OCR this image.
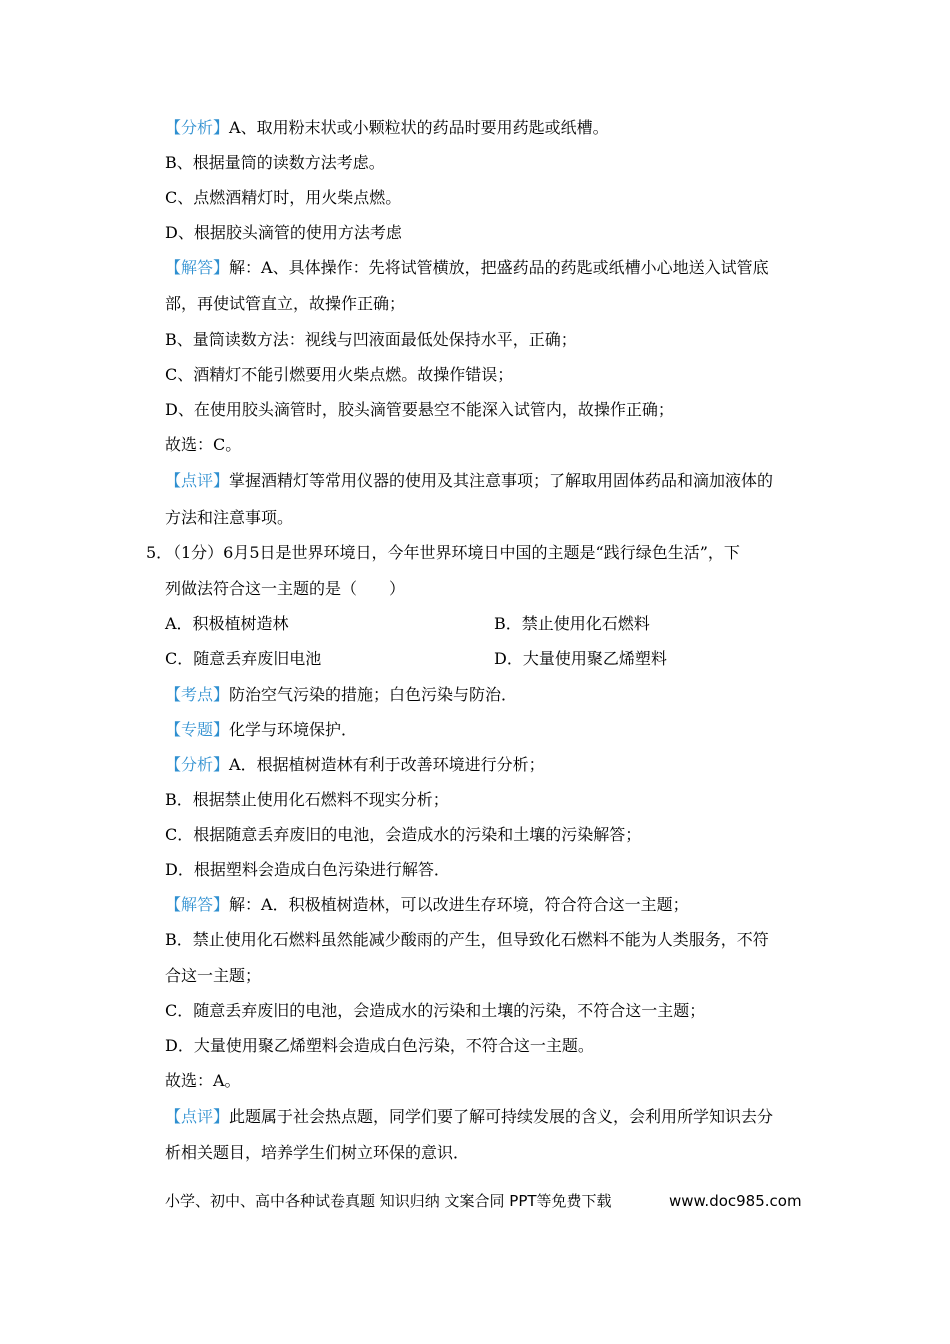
【分析】A、取用粉末状或小颗粒状的药品时要用药匙或纸槽。
B、根据量筒的读数方法考虑。
C、点燃酒精灯时，用火柴点燃。
D、根据胶头滴管的使用方法考虑
【解答】解：A、具体操作：先将试管横放，把盛药品的药匙或纸槽小心地送入试管底
部，再使试管直立，故操作正确；
B、量筒读数方法：视线与凹液面最低处保持水平，正确；
C、酒精灯不能引燃要用火柴点燃。故操作错误；
D、在使用胶头滴管时，胶头滴管要悬空不能深入试管内，故操作正确；
故选：C。
【点评】掌握酒精灯等常用仪器的使用及其注意事项；了解取用固体药品和滴加液体的
方法和注意事项。
5．
（1分）6月5日是世界环境日，今年世界环境日中国的主题是“践行绿色生活”，下
列做法符合这一主题的是（　　）
A．积极植树造林	B．禁止使用化石燃料
C．随意丢弃废旧电池	D．大量使用聚乙烯塑料
【考点】防治空气污染的措施；白色污染与防治．
【专题】化学与环境保护．
【分析】A．根据植树造林有利于改善环境进行分析；
B．根据禁止使用化石燃料不现实分析；
C．根据随意丢弃废旧的电池，会造成水的污染和土壤的污染解答；
D．根据塑料会造成白色污染进行解答．
【解答】解：A．积极植树造林，可以改进生存环境，符合符合这一主题；
B．禁止使用化石燃料虽然能减少酸雨的产生，但导致化石燃料不能为人类服务，不符
合这一主题；
C．随意丢弃废旧的电池，会造成水的污染和土壤的污染，不符合这一主题；
D．大量使用聚乙烯塑料会造成白色污染，不符合这一主题。
故选：A。
【点评】此题属于社会热点题，同学们要了解可持续发展的含义，会利用所学知识去分
析相关题目，培养学生们树立环保的意识．
小学、初中、高中各种试卷真题 知识归纳 文案合同 PPT等免费下载	www.doc985.com
